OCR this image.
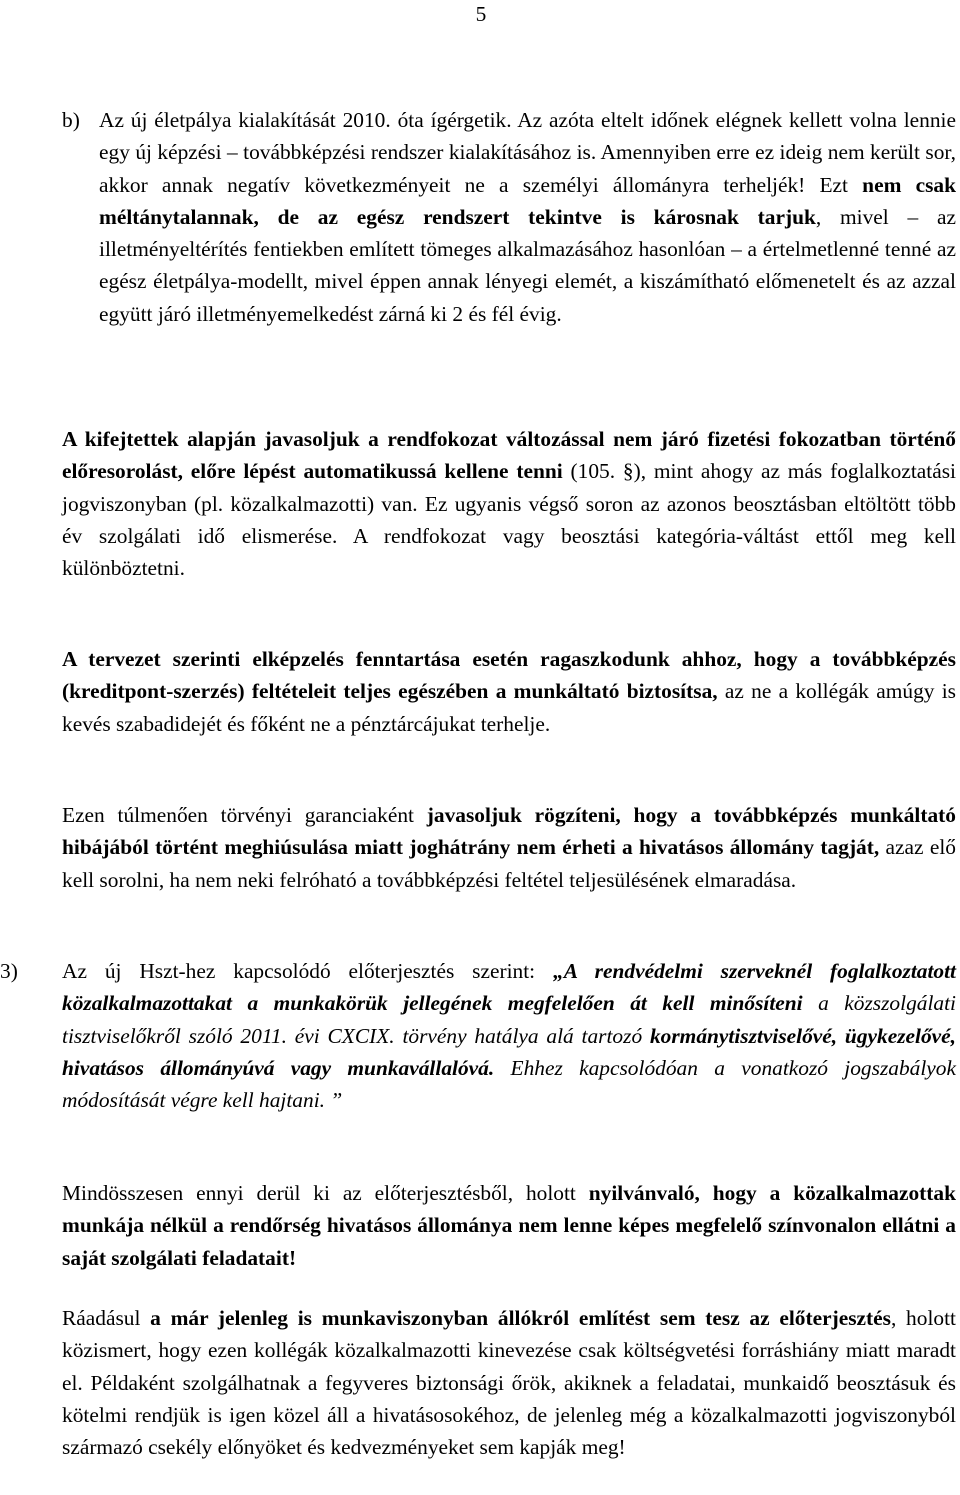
5
b) Az új életpálya kialakítását 2010. óta ígérgetik. Az azóta eltelt időnek elégnek kellett volna lennie egy új képzési – továbbképzési rendszer kialakításához is. Amennyiben erre ez ideig nem került sor, akkor annak negatív következményeit ne a személyi állományra terheljék! Ezt nem csak méltánytalannak, de az egész rendszert tekintve is károsnak tarjuk, mivel – az illetményeltérítés fentiekben említett tömeges alkalmazásához hasonlóan – a értelmetlenné tenné az egész életpálya-modellt, mivel éppen annak lényegi elemét, a kiszámítható előmenetelt és az azzal együtt járó illetményemelkedést zárná ki 2 és fél évig.
A kifejtettek alapján javasoljuk a rendfokozat változással nem járó fizetési fokozatban történő előresorolást, előre lépést automatikussá kellene tenni (105. §), mint ahogy az más foglalkoztatási jogviszonyban (pl. közalkalmazotti) van. Ez ugyanis végső soron az azonos beosztásban eltöltött több év szolgálati idő elismerése. A rendfokozat vagy beosztási kategória-váltást ettől meg kell különböztetni.
A tervezet szerinti elképzelés fenntartása esetén ragaszkodunk ahhoz, hogy a továbbképzés (kreditpont-szerzés) feltételeit teljes egészében a munkáltató biztosítsa, az ne a kollégák amúgy is kevés szabadidejét és főként ne a pénztárcájukat terhelje.
Ezen túlmenően törvényi garanciaként javasoljuk rögzíteni, hogy a továbbképzés munkáltató hibájából történt meghiúsulása miatt joghátrány nem érheti a hivatásos állomány tagját, azaz elő kell sorolni, ha nem neki felróható a továbbképzési feltétel teljesülésének elmaradása.
3) Az új Hszt-hez kapcsolódó előterjesztés szerint: „A rendvédelmi szerveknél foglalkoztatott közalkalmazottakat a munkakörük jellegének megfelelően át kell minősíteni a közszolgálati tisztviselőkről szóló 2011. évi CXCIX. törvény hatálya alá tartozó kormánytisztviselővé, ügykezelővé, hivatásos állományúvá vagy munkavállalóvá. Ehhez kapcsolódóan a vonatkozó jogszabályok módosítását végre kell hajtani. ”
Mindösszesen ennyi derül ki az előterjesztésből, holott nyilvánvaló, hogy a közalkalmazottak munkája nélkül a rendőrség hivatásos állománya nem lenne képes megfelelő színvonalon ellátni a saját szolgálati feladatait!
Ráadásul a már jelenleg is munkaviszonyban állókról említést sem tesz az előterjesztés, holott közismert, hogy ezen kollégák közalkalmazotti kinevezése csak költségvetési forráshiány miatt maradt el. Példaként szolgálhatnak a fegyveres biztonsági őrök, akiknek a feladatai, munkaidő beosztásuk és kötelmi rendjük is igen közel áll a hivatásosokéhoz, de jelenleg még a közalkalmazotti jogviszonyból származó csekély előnyöket és kedvezményeket sem kapják meg!
